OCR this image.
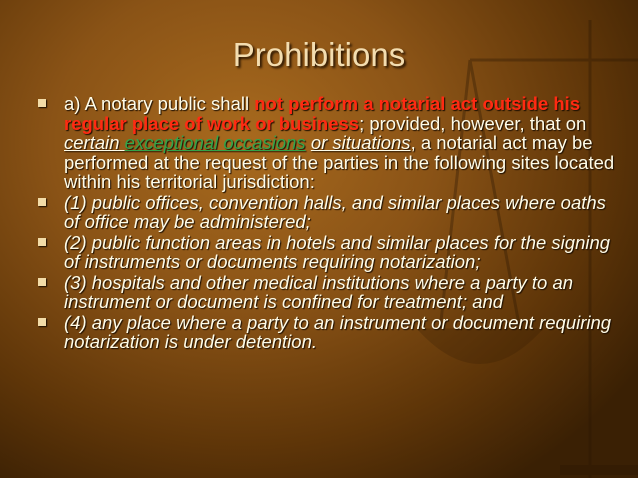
Prohibitions
a) A notary public shall not perform a notarial act outside his regular place of work or business; provided, however, that on certain exceptional occasions or situations, a notarial act may be performed at the request of the parties in the following sites located within his territorial jurisdiction:
(1) public offices, convention halls, and similar places where oaths of office may be administered;
(2) public function areas in hotels and similar places for the signing of instruments or documents requiring notarization;
(3) hospitals and other medical institutions where a party to an instrument or document is confined for treatment; and
(4) any place where a party to an instrument or document requiring notarization is under detention.
